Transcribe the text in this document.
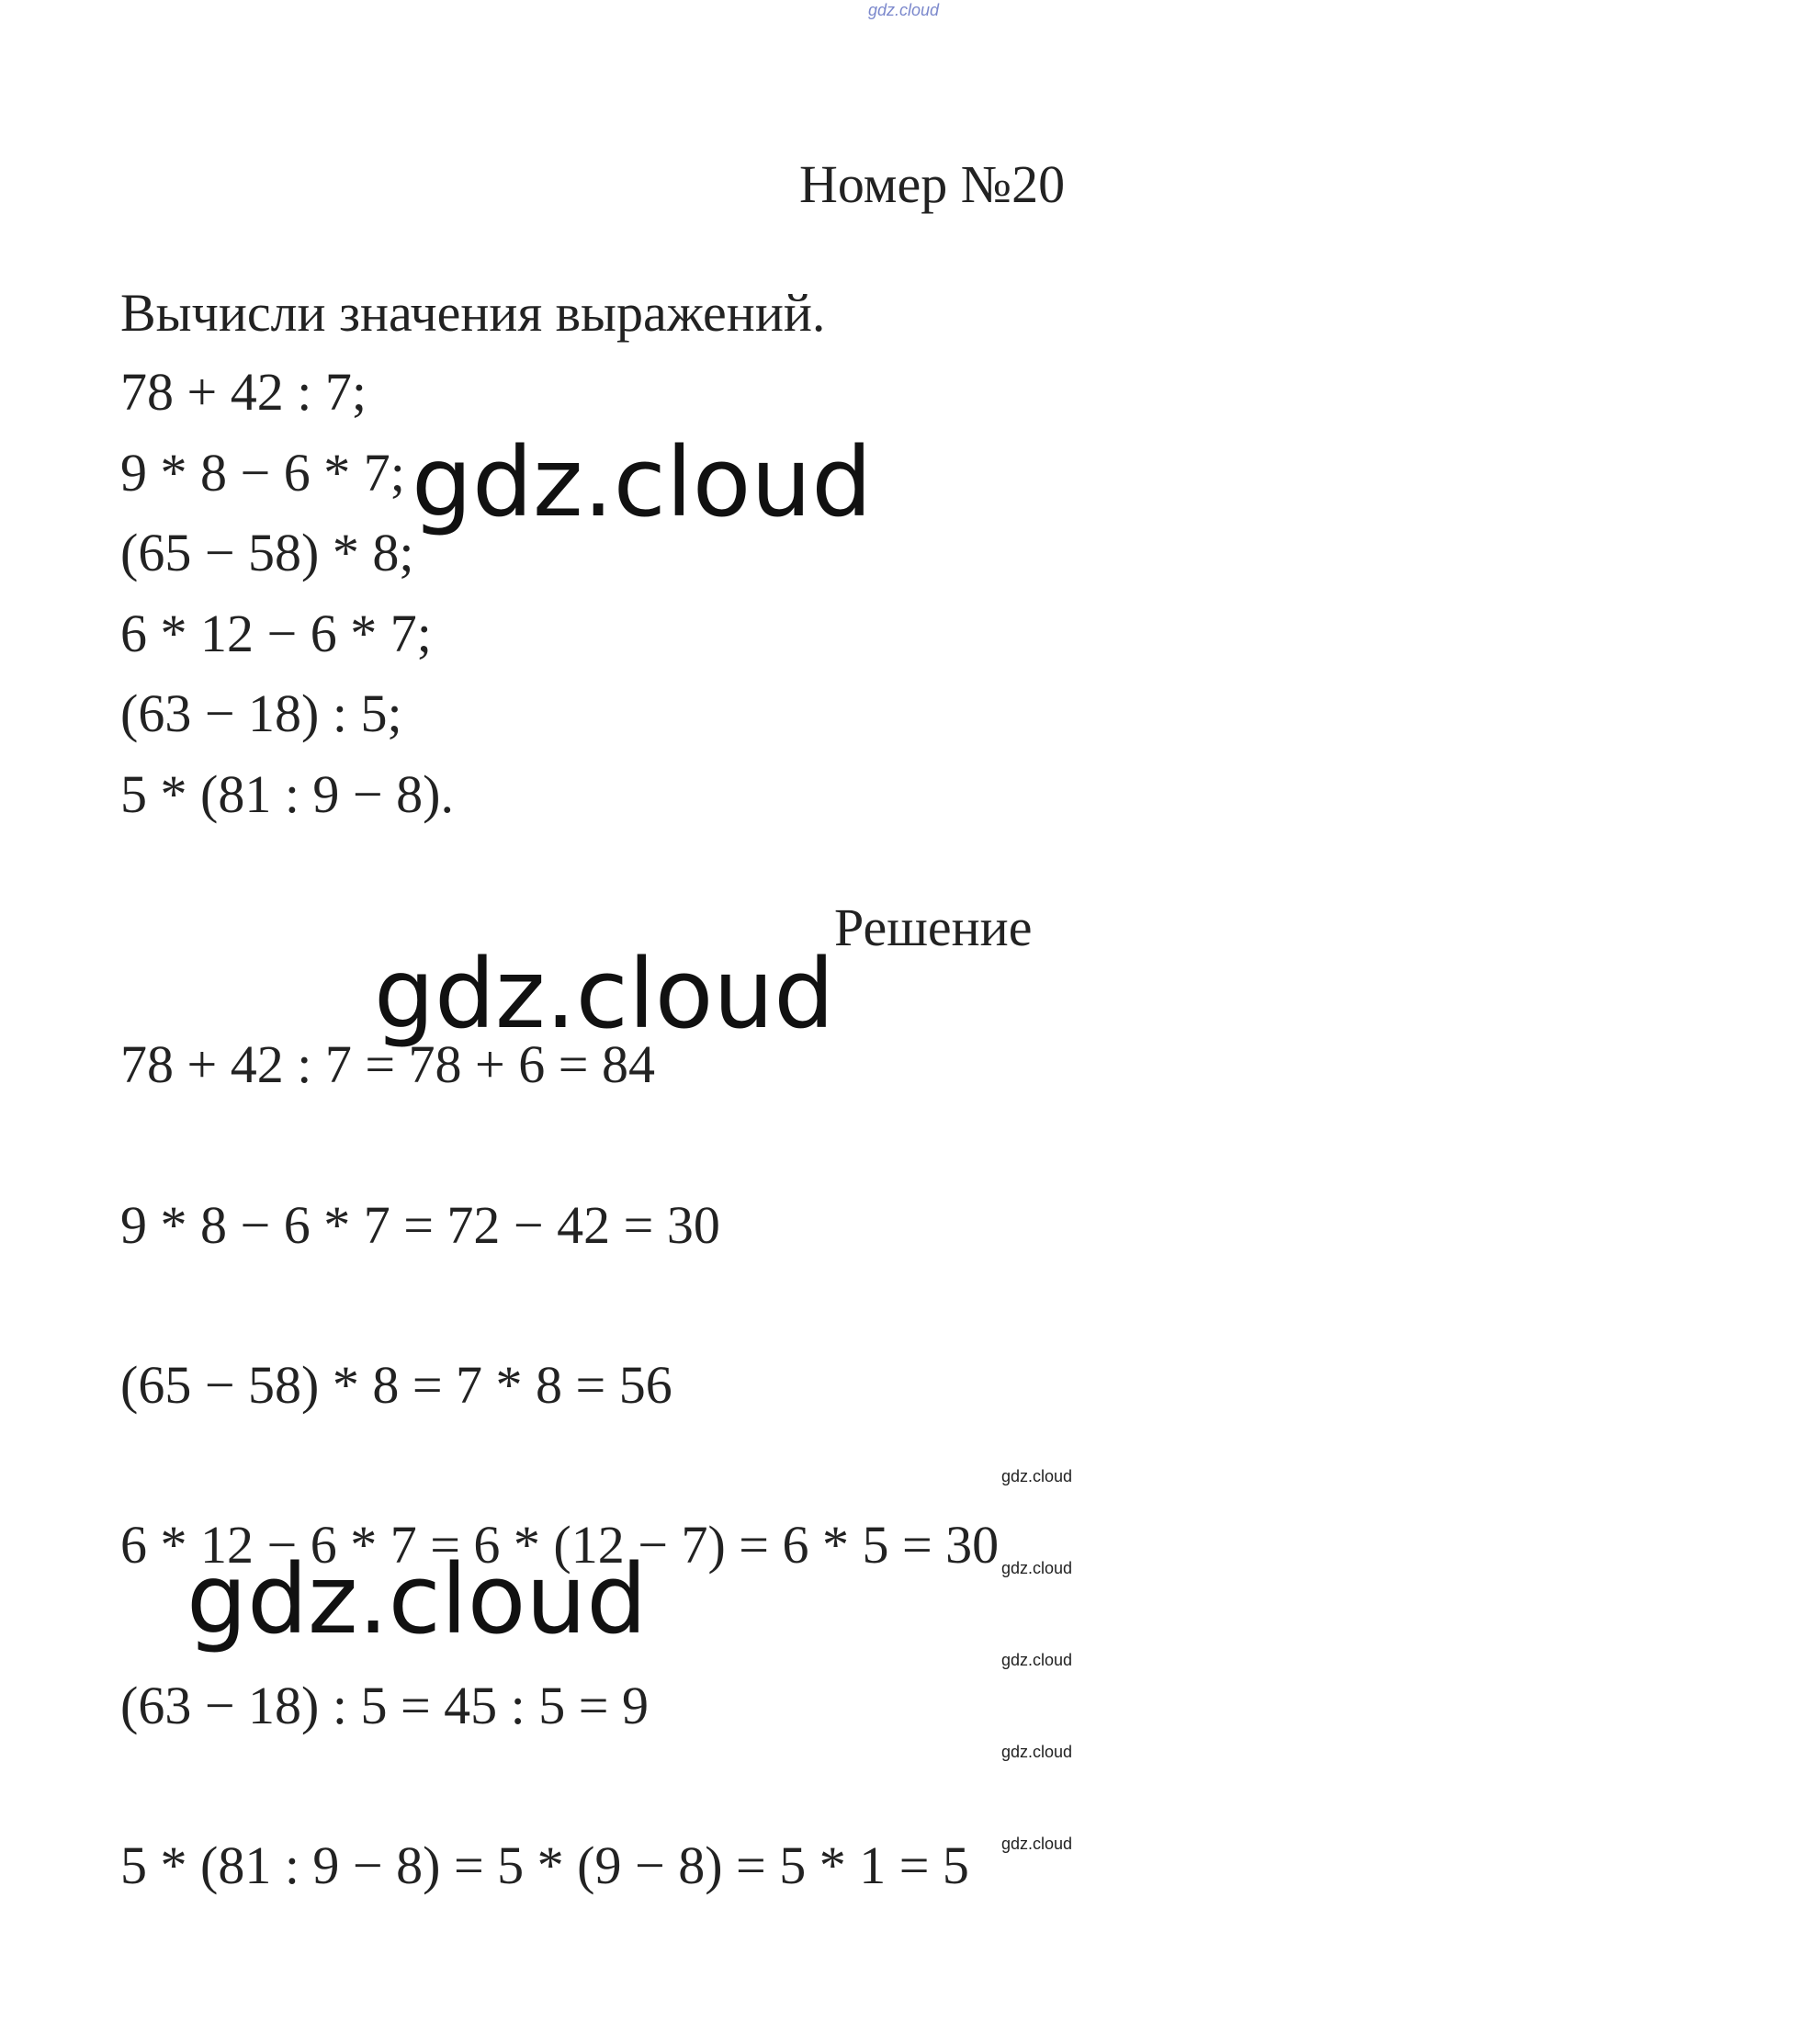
gdz.cloud
Номер №20
Вычисли значения выражений.
78 + 42 : 7;
9 * 8 − 6 * 7;
(65 − 58) * 8;
6 * 12 − 6 * 7;
(63 − 18) : 5;
5 * (81 : 9 − 8).
Решение
78 + 42 : 7 = 78 + 6 = 84
9 * 8 − 6 * 7 = 72 − 42 = 30
(65 − 58) * 8 = 7 * 8 = 56
6 * 12 − 6 * 7 = 6 * (12 − 7) = 6 * 5 = 30
(63 − 18) : 5 = 45 : 5 = 9
5 * (81 : 9 − 8) = 5 * (9 − 8) = 5 * 1 = 5
gdz.cloud
gdz.cloud
gdz.cloud
gdz.cloud
gdz.cloud
gdz.cloud
gdz.cloud
gdz.cloud
